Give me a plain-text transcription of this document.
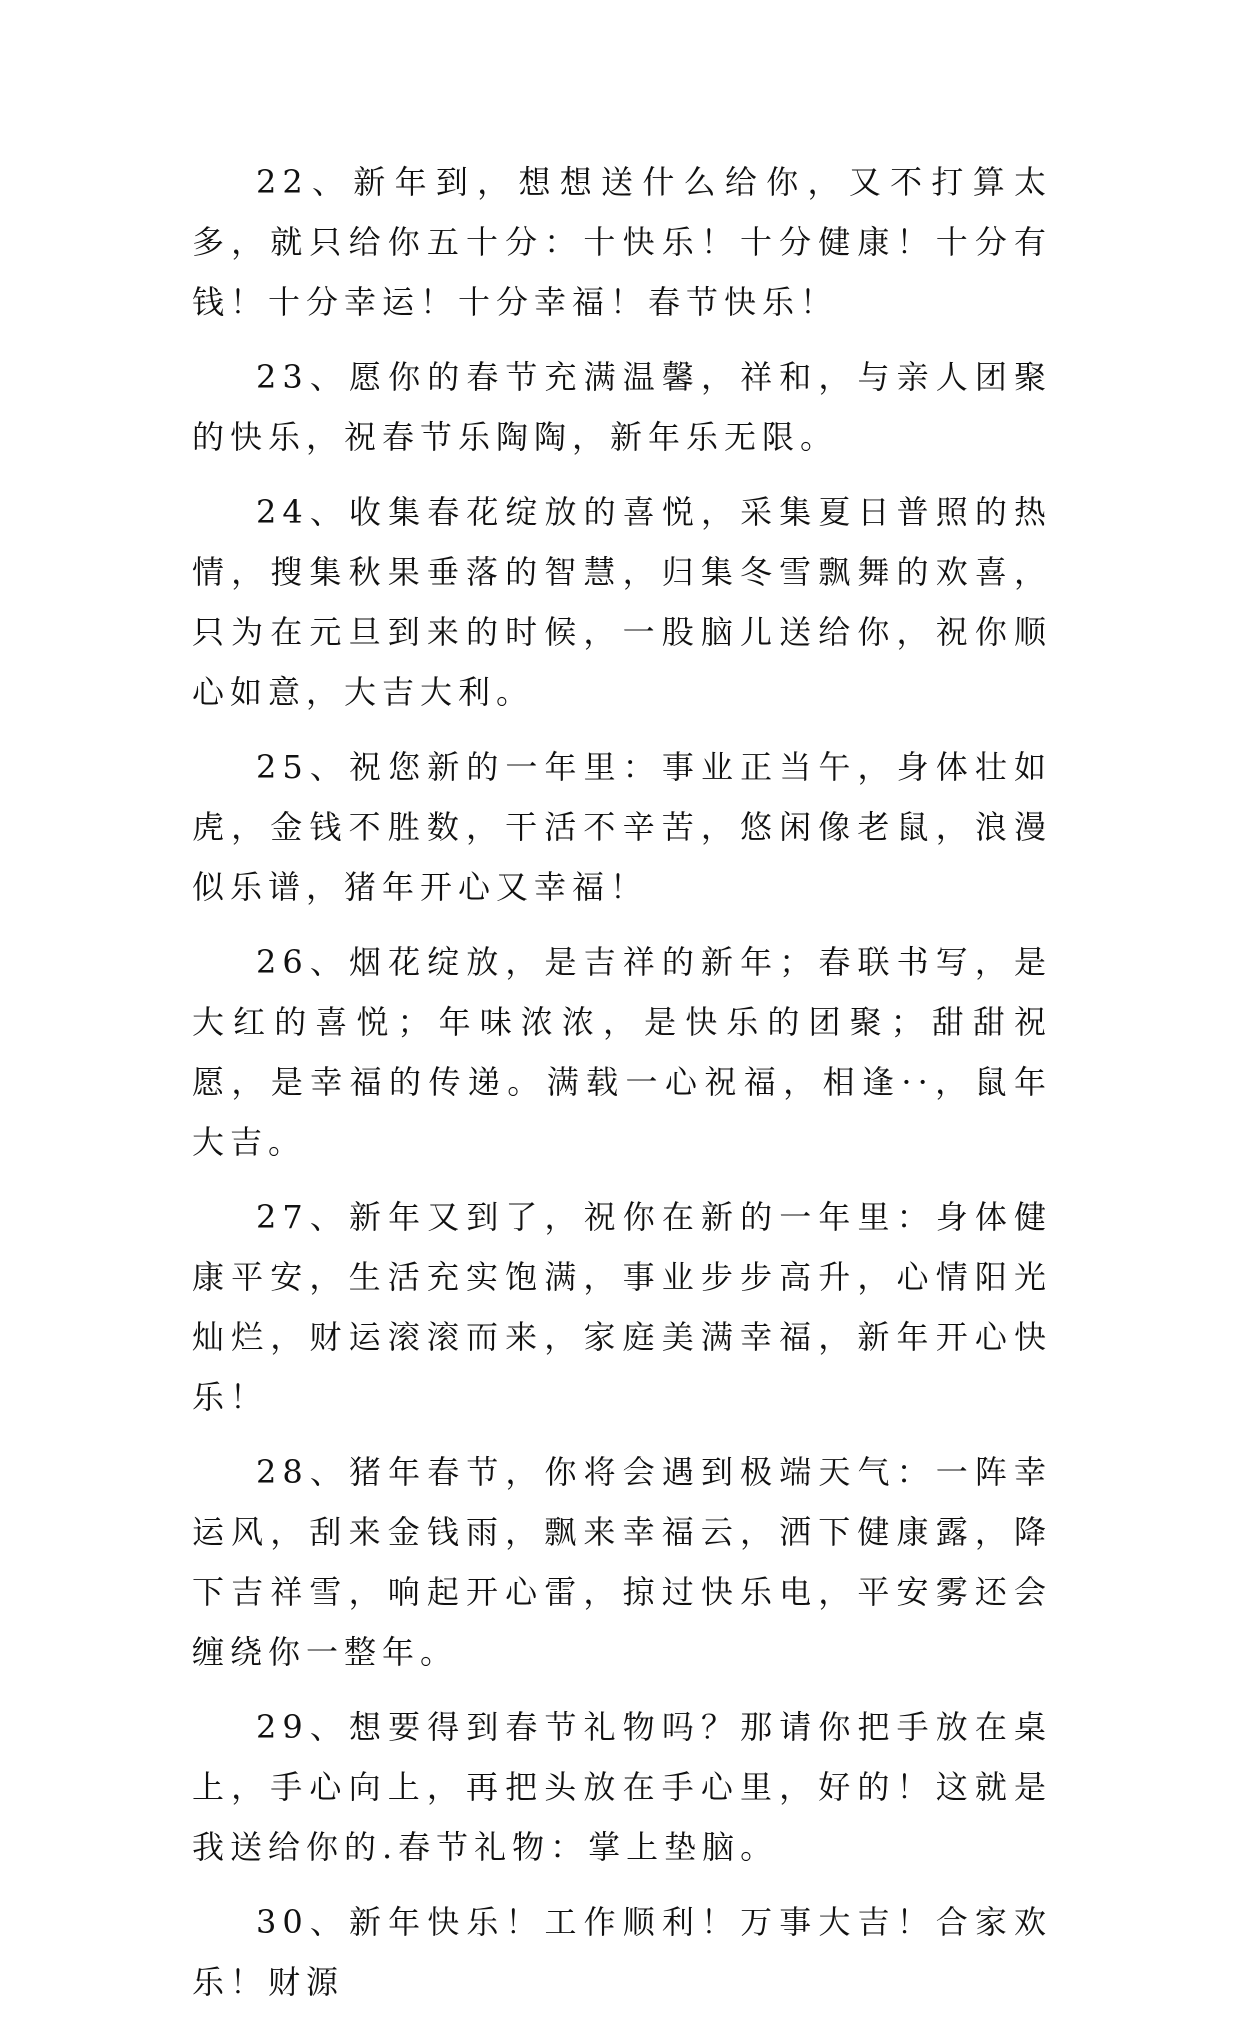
22、新年到，想想送什么给你，又不打算太多，就只给你五十分：十快乐！十分健康！十分有钱！十分幸运！十分幸福！春节快乐！

23、愿你的春节充满温馨，祥和，与亲人团聚的快乐，祝春节乐陶陶，新年乐无限。

24、收集春花绽放的喜悦，采集夏日普照的热情，搜集秋果垂落的智慧，归集冬雪飘舞的欢喜，只为在元旦到来的时候，一股脑儿送给你，祝你顺心如意，大吉大利。

25、祝您新的一年里：事业正当午，身体壮如虎，金钱不胜数，干活不辛苦，悠闲像老鼠，浪漫似乐谱，猪年开心又幸福！

26、烟花绽放，是吉祥的新年；春联书写，是大红的喜悦；年味浓浓，是快乐的团聚；甜甜祝愿，是幸福的传递。满载一心祝福，相逢··，鼠年大吉。

27、新年又到了，祝你在新的一年里：身体健康平安，生活充实饱满，事业步步高升，心情阳光灿烂，财运滚滚而来，家庭美满幸福，新年开心快乐！

28、猪年春节，你将会遇到极端天气：一阵幸运风，刮来金钱雨，飘来幸福云，洒下健康露，降下吉祥雪，响起开心雷，掠过快乐电，平安雾还会缠绕你一整年。

29、想要得到春节礼物吗？那请你把手放在桌上，手心向上，再把头放在手心里，好的！这就是我送给你的.春节礼物：掌上垫脑。

30、新年快乐！工作顺利！万事大吉！合家欢乐！财源
